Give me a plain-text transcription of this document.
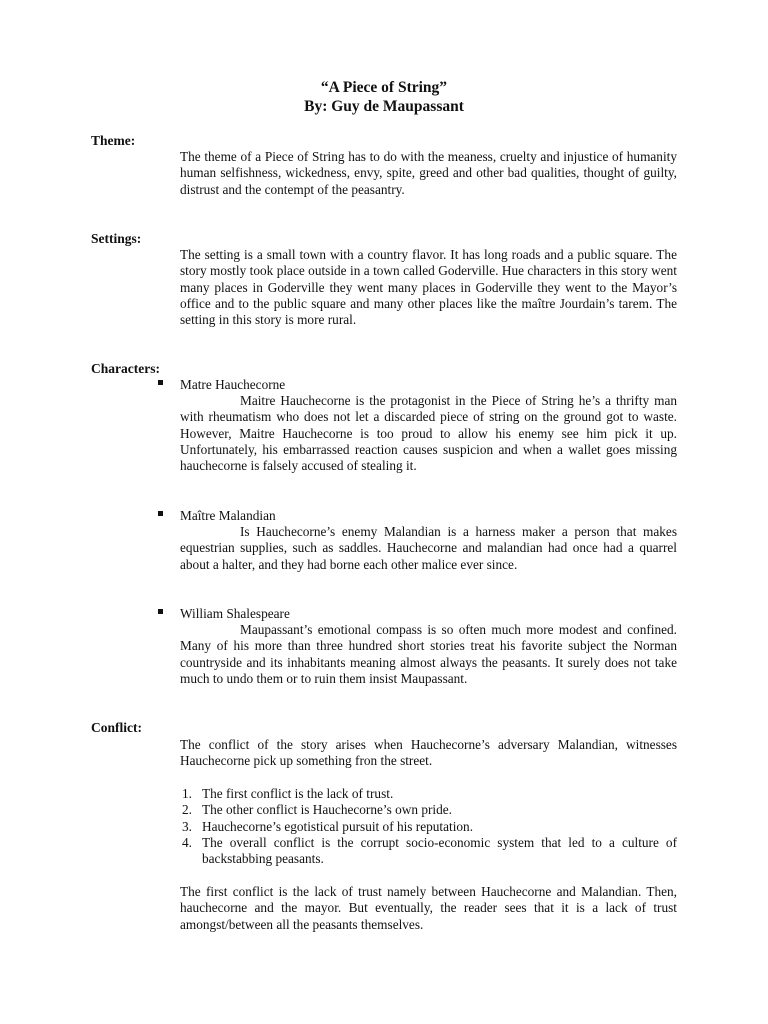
“A Piece of String”
By: Guy de Maupassant
Theme:
The theme of a Piece of String has to do with the meaness, cruelty and injustice of humanity human selfishness, wickedness, envy, spite, greed and other bad qualities, thought of guilty, distrust and the contempt of the peasantry.
Settings:
The setting is a small town with a country flavor. It has long roads and a public square. The story mostly took place outside in a town called Goderville. Hue characters in this story went many places in Goderville they went many places in Goderville they went to the Mayor’s office and to the public square and many other places like the maître Jourdain’s tarem. The setting in this story is more rural.
Characters:
Matre Hauchecorne
Maitre Hauchecorne is the protagonist in the Piece of String he’s a thrifty man with rheumatism who does not let a discarded piece of string on the ground got to waste. However, Maitre Hauchecorne is too proud to allow his enemy see him pick it up. Unfortunately, his embarrassed reaction causes suspicion and when a wallet goes missing hauchecorne is falsely accused of stealing it.
Maître Malandian
Is Hauchecorne’s enemy Malandian is a harness maker a person that makes equestrian supplies, such as saddles. Hauchecorne and malandian had once had a quarrel about a halter, and they had borne each other malice ever since.
William Shalespeare
Maupassant’s emotional compass is so often much more modest and confined. Many of his more than three hundred short stories treat his favorite subject the Norman countryside and its inhabitants meaning almost always the peasants. It surely does not take much to undo them or to ruin them insist Maupassant.
Conflict:
The conflict of the story arises when Hauchecorne’s adversary Malandian, witnesses Hauchecorne pick up something fron the street.
1. The first conflict is the lack of trust.
2. The other conflict is Hauchecorne’s own pride.
3. Hauchecorne’s egotistical pursuit of his reputation.
4. The overall conflict is the corrupt socio-economic system that led to a culture of backstabbing peasants.
The first conflict is the lack of trust namely between Hauchecorne and Malandian. Then, hauchecorne and the mayor. But eventually, the reader sees that it is a lack of trust amongst/between all the peasants themselves.
